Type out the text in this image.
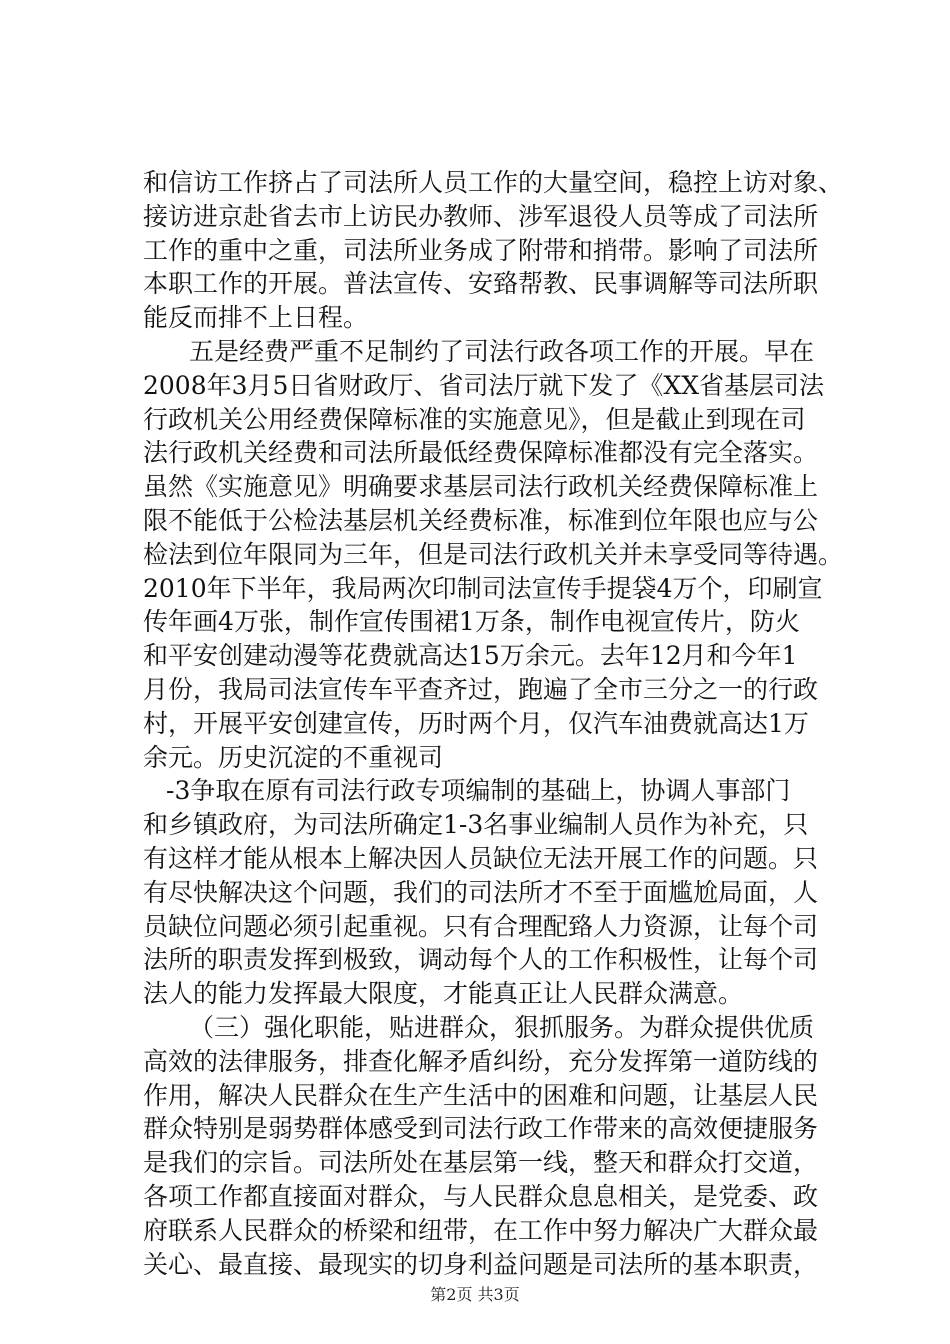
和信访工作挤占了司法所人员工作的大量空间，稳控上访对象、
接访进京赴省去市上访民办教师、涉军退役人员等成了司法所
工作的重中之重，司法所业务成了附带和捎带。影响了司法所
本职工作的开展。普法宣传、安臵帮教、民事调解等司法所职
能反而排不上日程。
五是经费严重不足制约了司法行政各项工作的开展。早在
2008年3月5日省财政厅、省司法厅就下发了《XX省基层司法
行政机关公用经费保障标准的实施意见》，但是截止到现在司
法行政机关经费和司法所最低经费保障标准都没有完全落实。
虽然《实施意见》明确要求基层司法行政机关经费保障标准上
限不能低于公检法基层机关经费标准，标准到位年限也应与公
检法到位年限同为三年，但是司法行政机关并未享受同等待遇。
2010年下半年，我局两次印制司法宣传手提袋4万个，印刷宣
传年画4万张，制作宣传围裙1万条，制作电视宣传片，防火
和平安创建动漫等花费就高达15万余元。去年12月和今年1
月份，我局司法宣传车平查齐过，跑遍了全市三分之一的行政
村，开展平安创建宣传，历时两个月，仅汽车油费就高达1万
余元。历史沉淀的不重视司
-3争取在原有司法行政专项编制的基础上，协调人事部门
和乡镇政府，为司法所确定1-3名事业编制人员作为补充，只
有这样才能从根本上解决因人员缺位无法开展工作的问题。只
有尽快解决这个问题，我们的司法所才不至于面尴尬局面，人
员缺位问题必须引起重视。只有合理配臵人力资源，让每个司
法所的职责发挥到极致，调动每个人的工作积极性，让每个司
法人的能力发挥最大限度，才能真正让人民群众满意。
（三）强化职能，贴进群众，狠抓服务。为群众提供优质
高效的法律服务，排查化解矛盾纠纷，充分发挥第一道防线的
作用，解决人民群众在生产生活中的困难和问题，让基层人民
群众特别是弱势群体感受到司法行政工作带来的高效便捷服务
是我们的宗旨。司法所处在基层第一线，整天和群众打交道，
各项工作都直接面对群众，与人民群众息息相关，是党委、政
府联系人民群众的桥梁和纽带，在工作中努力解决广大群众最
关心、最直接、最现实的切身利益问题是司法所的基本职责，
第2页 共3页
